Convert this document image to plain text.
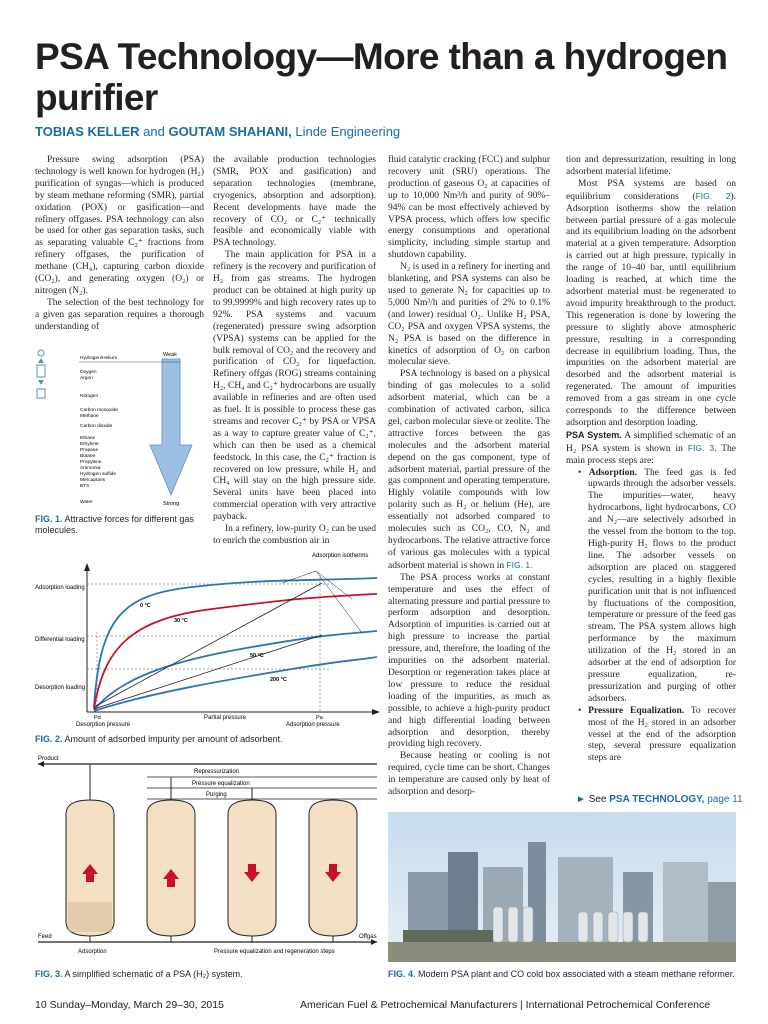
PSA Technology—More than a hydrogen purifier
TOBIAS KELLER and GOUTAM SHAHANI, Linde Engineering

Pressure swing adsorption (PSA) technology is well known for hydrogen (H₂) purification of syngas—which is produced by steam methane reforming (SMR), partial oxidation (POX) or gasification—and refinery offgases. PSA technology can also be used for other gas separation tasks, such as separating valuable C₂⁺ fractions from refinery offgases, the purification of methane (CH₄), capturing carbon dioxide (CO₂), and generating oxygen (O₂) or nitrogen (N₂).

The selection of the best technology for a given gas separation requires a thorough understanding of

the available production technologies (SMR, POX and gasification) and separation technologies (membrane, cryogenics, absorption and adsorption). Recent developments have made the recovery of CO₂ or C₂⁺ technically feasible and economically viable with PSA technology.

The main application for PSA in a refinery is the recovery and purification of H₂ from gas streams. The hydrogen product can be obtained at high purity up to 99.9999% and high recovery rates up to 92%. PSA systems and vacuum (regenerated) pressure swing adsorption (VPSA) systems can be applied for the bulk removal of CO₂ and the recovery and purification of CO₂ for liquefaction. Refinery offgas (ROG) streams containing H₂, CH₄ and C₂⁺ hydrocarbons are usually available in refineries and are often used as fuel. It is possible to process these gas streams and recover C₂⁺ by PSA or VPSA as a way to capture greater value of C₂⁺, which can then be used as a chemical feedstock. In this case, the C₂⁺ fraction is recovered on low pressure, while H₂ and CH₄ will stay on the high pressure side. Several units have been placed into commercial operation with very attractive payback.

In a refinery, low-purity O₂ can be used to enrich the combustion air in

fluid catalytic cracking (FCC) and sulphur recovery unit (SRU) operations. The production of gaseous O₂ at capacities of up to 10,000 Nm³/h and purity of 90%–94% can be most effectively achieved by VPSA process, which offers low specific energy consumptions and operational simplicity, including simple startup and shutdown capability.

N₂ is used in a refinery for inerting and blanketing, and PSA systems can also be used to generate N₂ for capacities up to 5,000 Nm³/h and purities of 2% to 0.1% (and lower) residual O₂. Unlike H₂ PSA, CO₂ PSA and oxygen VPSA systems, the N₂ PSA is based on the difference in kinetics of adsorption of O₂ on carbon molecular sieve.

PSA technology is based on a physical binding of gas molecules to a solid adsorbent material, which can be a combination of activated carbon, silica gel, carbon molecular sieve or zeolite. The attractive forces between the gas molecules and the adsorbent material depend on the gas component, type of adsorbent material, partial pressure of the gas component and operating temperature. Highly volatile compounds with low polarity such as H₂ or helium (He), are essentially not adsorbed compared to molecules such as CO₂, CO, N₂ and hydrocarbons. The relative attractive force of various gas molecules with a typical adsorbent material is shown in FIG. 1.

The PSA process works at constant temperature and uses the effect of alternating pressure and partial pressure to perform adsorption and desorption. Adsorption of impurities is carried out at high pressure to increase the partial pressure, and, therefore, the loading of the impurities on the adsorbent material. Desorption or regeneration takes place at low pressure to reduce the residual loading of the impurities, as much as possible, to achieve a high-purity product and high differential loading between adsorption and desorption, thereby providing high recovery.

Because heating or cooling is not required, cycle time can be short. Changes in temperature are caused only by heat of adsorption and desorp-

tion and depressurization, resulting in long adsorbent material lifetime.

Most PSA systems are based on equilibrium considerations (FIG. 2). Adsorption isotherms show the relation between partial pressure of a gas molecule and its equilibrium loading on the adsorbent material at a given temperature. Adsorption is carried out at high pressure, typically in the range of 10–40 bar, until equilibrium loading is reached, at which time the adsorbent material must be regenerated to avoid impurity breakthrough to the product. This regeneration is done by lowering the pressure to slightly above atmospheric pressure, resulting in a corresponding decrease in equilibrium loading. Thus, the impurities on the adsorbent material are desorbed and the adsorbent material is regenerated. The amount of impurities removed from a gas stream in one cycle corresponds to the difference between adsorption and desorption loading.

PSA System. A simplified schematic of an H₂ PSA system is shown in FIG. 3. The main process steps are:

• Adsorption. The feed gas is fed upwards through the adsorber vessels. The impurities—water, heavy hydrocarbons, light hydrocarbons, CO and N₂—are selectively adsorbed in the vessel from the bottom to the top. High-purity H₂ flows to the product line. The adsorber vessels on adsorption are placed on staggered cycles, resulting in a highly flexible purification unit that is not influenced by fluctuations of the composition, temperature or pressure of the feed gas stream. The PSA system allows high performance by the maximum utilization of the H₂ stored in an adsorber at the end of adsorption for pressure equalization, re-pressurization and purging of other adsorbers.
• Pressure Equalization. To recover most of the H₂ stored in an adsorber vessel at the end of the adsorption step, several pressure equalization steps are
► See PSA TECHNOLOGY, page 11
Weak
Strong
Hydrogen/Helium
Oxygen
Argon
Nitrogen
Carbon monoxide
Methane
Carbon dioxide
Ethane
Ethylene
Propane
Butane
Propylene
Ammonia
Hydrogen sulfide
Mercaptans
BTX
Water
FIG. 1. Attractive forces for different gas molecules.
Adsorption isotherms
Adsorption loading
Differential loading
Desorption loading
0 °C
30 °C
50 °C
200 °C
Pd	Pa
Partial pressure
Desorption pressure	Adsorption pressure
FIG. 2. Amount of adsorbed impurity per amount of adsorbent.
Product
Repressurization
Pressure equalization
Purging
Feed	Offgas
Adsorption	Pressure equalization and regeneration steps
FIG. 3. A simplified schematic of a PSA (H₂) system.	FIG. 4. Modern PSA plant and CO cold box associated with a steam methane reformer.
10 Sunday–Monday, March 29–30, 2015	American Fuel & Petrochemical Manufacturers | International Petrochemical Conference
